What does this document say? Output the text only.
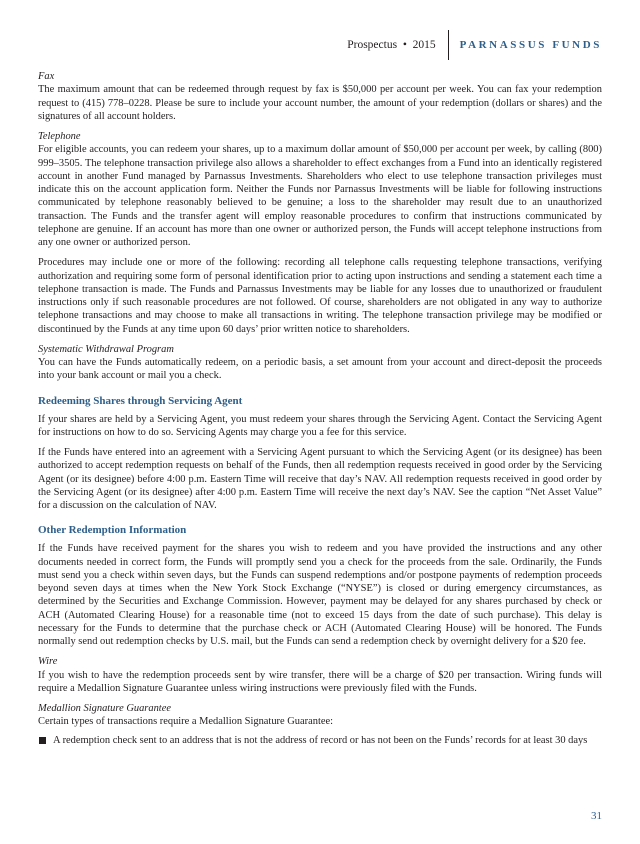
Prospectus • 2015 PARNASSUS FUNDS

Fax

The maximum amount that can be redeemed through request by fax is $50,000 per account per week. You can fax your redemption request to (415) 778–0228. Please be sure to include your account number, the amount of your redemption (dollars or shares) and the signatures of all account holders.

Telephone

For eligible accounts, you can redeem your shares, up to a maximum dollar amount of $50,000 per account per week, by calling (800) 999–3505. The telephone transaction privilege also allows a shareholder to effect exchanges from a Fund into an identically registered account in another Fund managed by Parnassus Investments. Shareholders who elect to use telephone transaction privileges must indicate this on the account application form. Neither the Funds nor Parnassus Investments will be liable for following instructions communicated by telephone reasonably believed to be genuine; a loss to the shareholder may result due to an unauthorized transaction. The Funds and the transfer agent will employ reasonable procedures to confirm that instructions communicated by telephone are genuine. If an account has more than one owner or authorized person, the Funds will accept telephone instructions from any one owner or authorized person.

Procedures may include one or more of the following: recording all telephone calls requesting telephone transactions, verifying authorization and requiring some form of personal identification prior to acting upon instructions and sending a statement each time a telephone transaction is made. The Funds and Parnassus Investments may be liable for any losses due to unauthorized or fraudulent instructions only if such reasonable procedures are not followed. Of course, shareholders are not obligated in any way to authorize telephone transactions and may choose to make all transactions in writing. The telephone transaction privilege may be modified or discontinued by the Funds at any time upon 60 days’ prior written notice to shareholders.

Systematic Withdrawal Program

You can have the Funds automatically redeem, on a periodic basis, a set amount from your account and direct-deposit the proceeds into your bank account or mail you a check.

Redeeming Shares through Servicing Agent

If your shares are held by a Servicing Agent, you must redeem your shares through the Servicing Agent. Contact the Servicing Agent for instructions on how to do so. Servicing Agents may charge you a fee for this service.

If the Funds have entered into an agreement with a Servicing Agent pursuant to which the Servicing Agent (or its designee) has been authorized to accept redemption requests on behalf of the Funds, then all redemption requests received in good order by the Servicing Agent (or its designee) before 4:00 p.m. Eastern Time will receive that day’s NAV. All redemption requests received in good order by the Servicing Agent (or its designee) after 4:00 p.m. Eastern Time will receive the next day’s NAV. See the caption “Net Asset Value” for a discussion on the calculation of NAV.

Other Redemption Information

If the Funds have received payment for the shares you wish to redeem and you have provided the instructions and any other documents needed in correct form, the Funds will promptly send you a check for the proceeds from the sale. Ordinarily, the Funds must send you a check within seven days, but the Funds can suspend redemptions and/or postpone payments of redemption proceeds beyond seven days at times when the New York Stock Exchange (“NYSE”) is closed or during emergency circumstances, as determined by the Securities and Exchange Commission. However, payment may be delayed for any shares purchased by check or ACH (Automated Clearing House) for a reasonable time (not to exceed 15 days from the date of such purchase). This delay is necessary for the Funds to determine that the purchase check or ACH (Automated Clearing House) will be honored. The Funds normally send out redemption checks by U.S. mail, but the Funds can send a redemption check by overnight delivery for a $20 fee.

Wire

If you wish to have the redemption proceeds sent by wire transfer, there will be a charge of $20 per transaction. Wiring funds will require a Medallion Signature Guarantee unless wiring instructions were previously filed with the Funds.

Medallion Signature Guarantee

Certain types of transactions require a Medallion Signature Guarantee:

A redemption check sent to an address that is not the address of record or has not been on the Funds’ records for at least 30 days
31
